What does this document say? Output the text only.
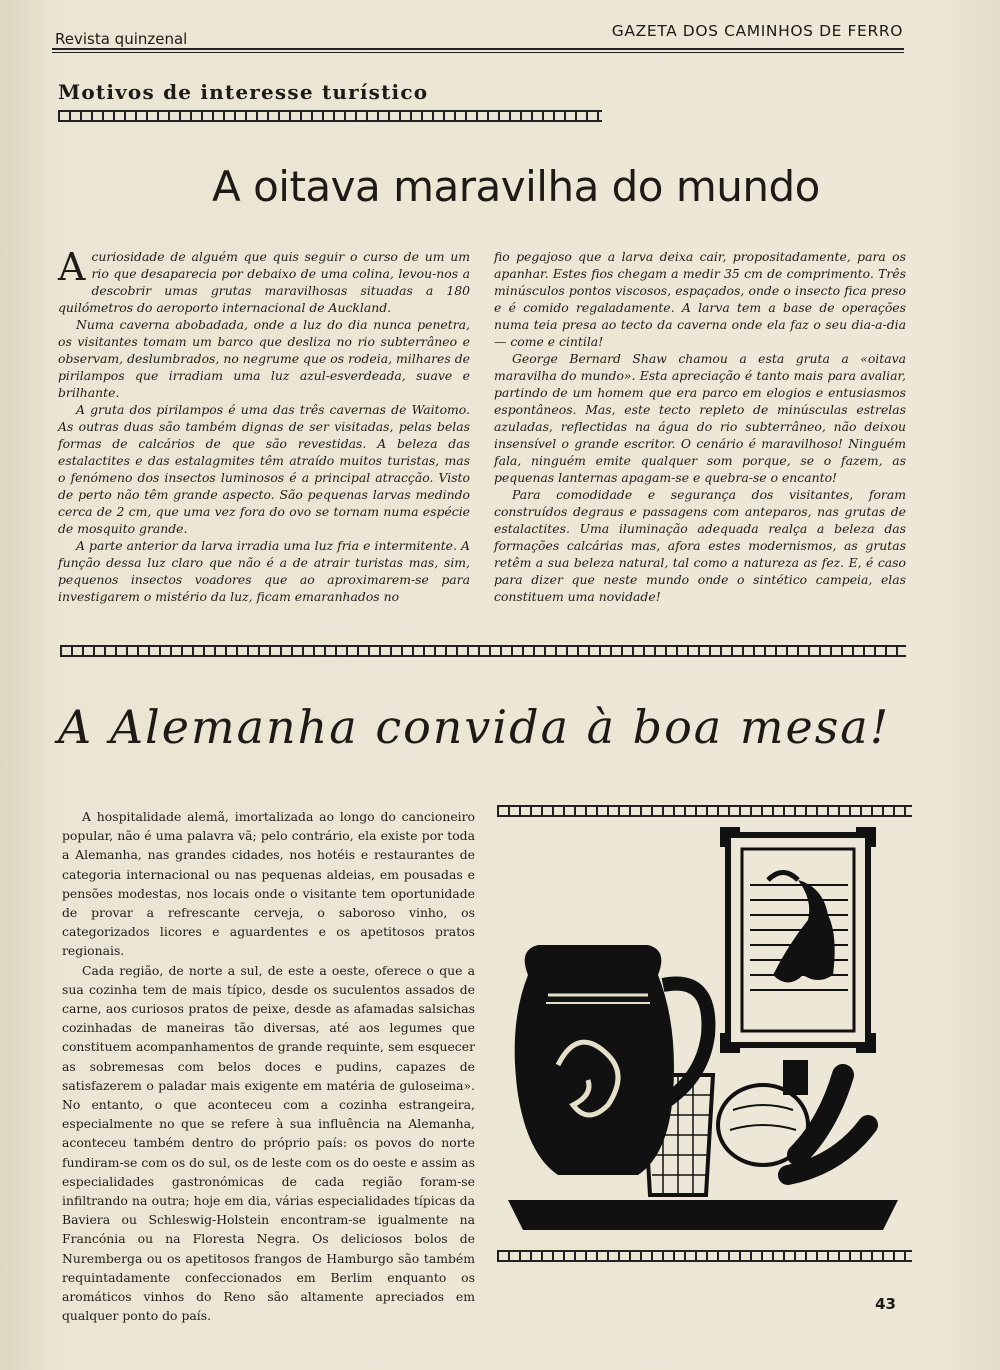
Revista quinzenal	GAZETA DOS CAMINHOS DE FERRO
Motivos de interesse turístico
A oitava maravilha do mundo

Acuriosidade de alguém que quis seguir o curso de um um rio que desaparecia por debaixo de uma colina, levou-nos a descobrir umas grutas maravilhosas situadas a 180 quilómetros do aeroporto internacional de Auckland.

Numa caverna abobadada, onde a luz do dia nunca penetra, os visitantes tomam um barco que desliza no rio subterrâneo e observam, deslumbrados, no negrume que os rodeia, milhares de pirilampos que irradiam uma luz azul-esverdeada, suave e brilhante.

A gruta dos pirilampos é uma das três cavernas de Waitomo. As outras duas são também dignas de ser visitadas, pelas belas formas de calcários de que são revestidas. A beleza das estalactites e das estalagmites têm atraído muitos turistas, mas o fenómeno dos insectos luminosos é a principal atracção. Visto de perto não têm grande aspecto. São pequenas larvas medindo cerca de 2 cm, que uma vez fora do ovo se tornam numa espécie de mosquito grande.

A parte anterior da larva irradia uma luz fria e intermitente. A função dessa luz claro que não é a de atrair turistas mas, sim, pequenos insectos voadores que ao aproximarem-se para investigarem o mistério da luz, ficam emaranhados no

fio pegajoso que a larva deixa cair, propositadamente, para os apanhar. Estes fios chegam a medir 35 cm de comprimento. Três minúsculos pontos viscosos, espaçados, onde o insecto fica preso e é comido regaladamente. A larva tem a base de operações numa teia presa ao tecto da caverna onde ela faz o seu dia-a-dia — come e cintila!

George Bernard Shaw chamou a esta gruta a «oitava maravilha do mundo». Esta apreciação é tanto mais para avaliar, partindo de um homem que era parco em elogios e entusiasmos espontâneos. Mas, este tecto repleto de minúsculas estrelas azuladas, reflectidas na água do rio subterrâneo, não deixou insensível o grande escritor. O cenário é maravilhoso! Ninguém fala, ninguém emite qualquer som porque, se o fazem, as pequenas lanternas apagam-se e quebra-se o encanto!

Para comodidade e segurança dos visitantes, foram construídos degraus e passagens com anteparos, nas grutas de estalactites. Uma iluminação adequada realça a beleza das formações calcárias mas, afora estes modernismos, as grutas retêm a sua beleza natural, tal como a natureza as fez. E, é caso para dizer que neste mundo onde o sintético campeia, elas constituem uma novidade!

A Alemanha convida à boa mesa!

A hospitalidade alemã, imortalizada ao longo do cancioneiro popular, não é uma palavra vã; pelo contrário, ela existe por toda a Alemanha, nas grandes cidades, nos hotéis e restaurantes de categoria internacional ou nas pequenas aldeias, em pousadas e pensões modestas, nos locais onde o visitante tem oportunidade de provar a refrescante cerveja, o saboroso vinho, os categorizados licores e aguardentes e os apetitosos pratos regionais.

Cada região, de norte a sul, de este a oeste, oferece o que a sua cozinha tem de mais típico, desde os suculentos assados de carne, aos curiosos pratos de peixe, desde as afamadas salsichas cozinhadas de maneiras tão diversas, até aos legumes que constituem acompanhamentos de grande requinte, sem esquecer as sobremesas com belos doces e pudins, capazes de satisfazerem o paladar mais exigente em matéria de guloseima». No entanto, o que aconteceu com a cozinha estrangeira, especialmente no que se refere à sua influência na Alemanha, aconteceu também dentro do próprio país: os povos do norte fundiram-se com os do sul, os de leste com os do oeste e assim as especialidades gastronómicas de cada região foram-se infiltrando na outra; hoje em dia, várias especialidades típicas da Baviera ou Schleswig-Holstein encontram-se igualmente na Francónia ou na Floresta Negra. Os deliciosos bolos de Nuremberga ou os apetitosos frangos de Hamburgo são também requintadamente confeccionados em Berlim enquanto os aromáticos vinhos do Reno são altamente apreciados em qualquer ponto do país.

43
